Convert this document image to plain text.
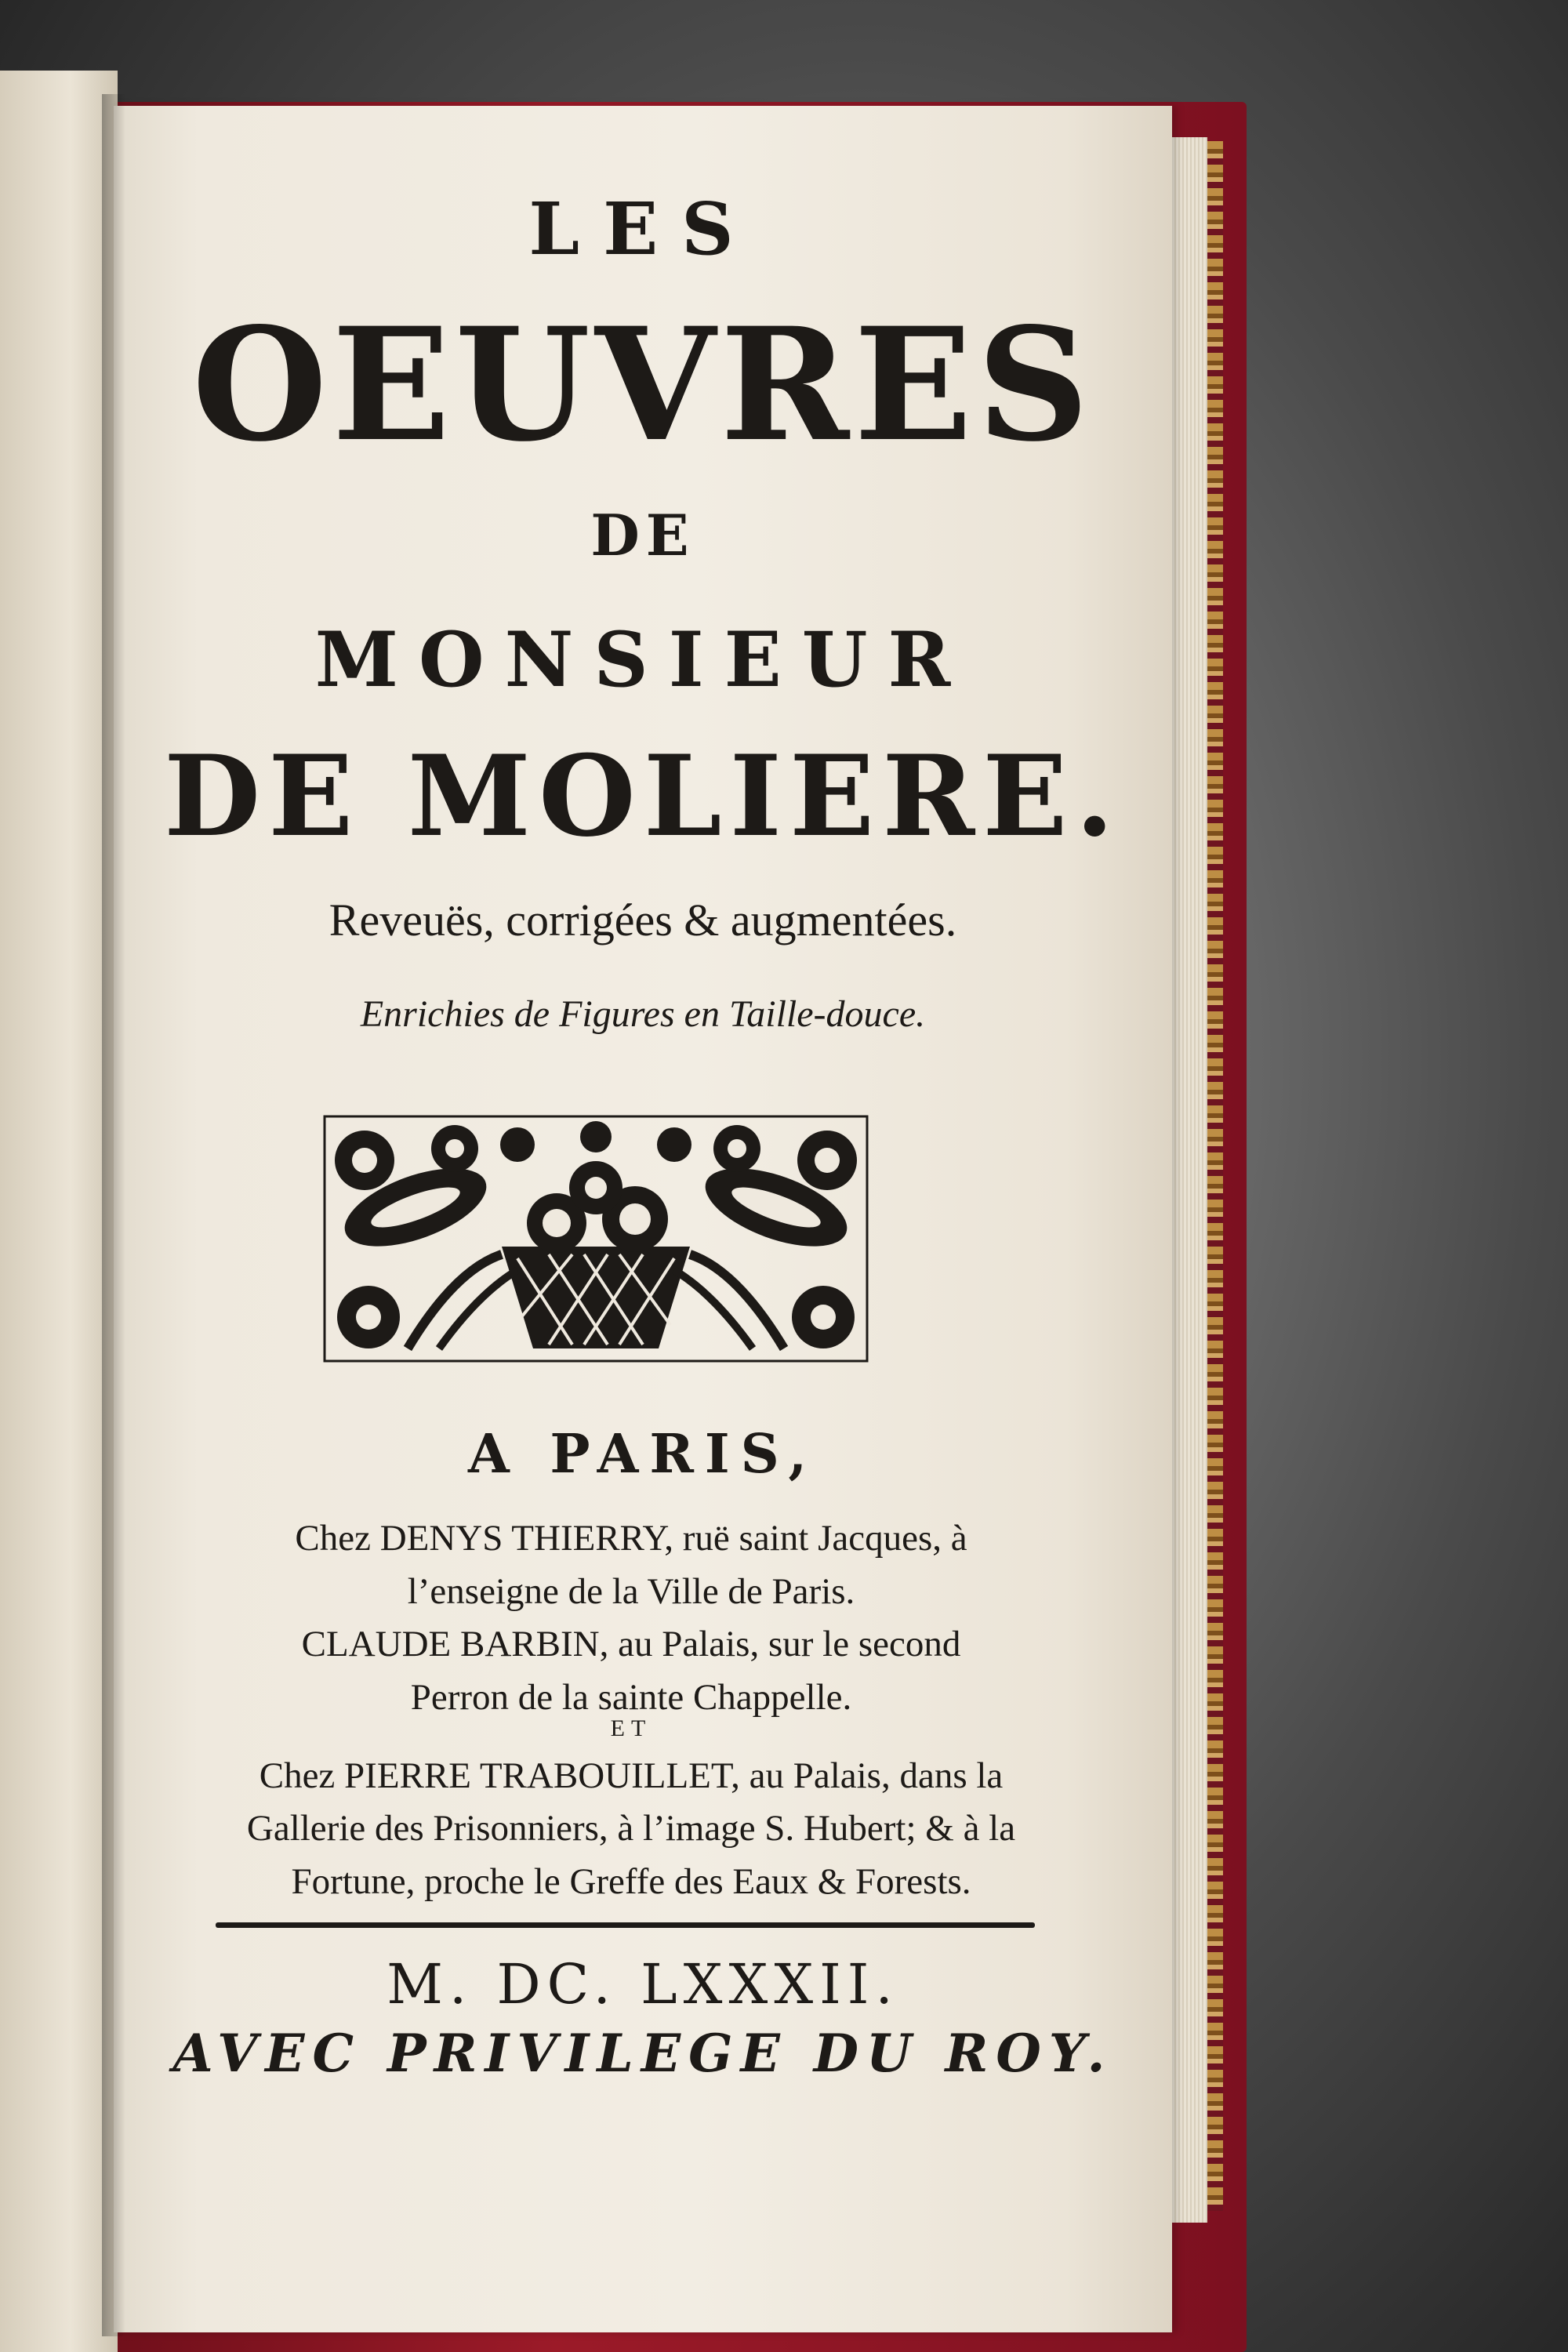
LES

OEUVRES

DE

MONSIEUR

DE MOLIERE.

Reveuës, corrigées & augmentées.

Enrichies de Figures en Taille-douce.

A PARIS,

Chez DENYS THIERRY, ruë saint Jacques, à

l’enseigne de la Ville de Paris.

CLAUDE BARBIN, au Palais, sur le second

Perron de la sainte Chappelle.

ET

Chez PIERRE TRABOUILLET, au Palais, dans la

Gallerie des Prisonniers, à l’image S. Hubert; & à la

Fortune, proche le Greffe des Eaux & Forests.

M. DC. LXXXII.

AVEC PRIVILEGE DU ROY.
